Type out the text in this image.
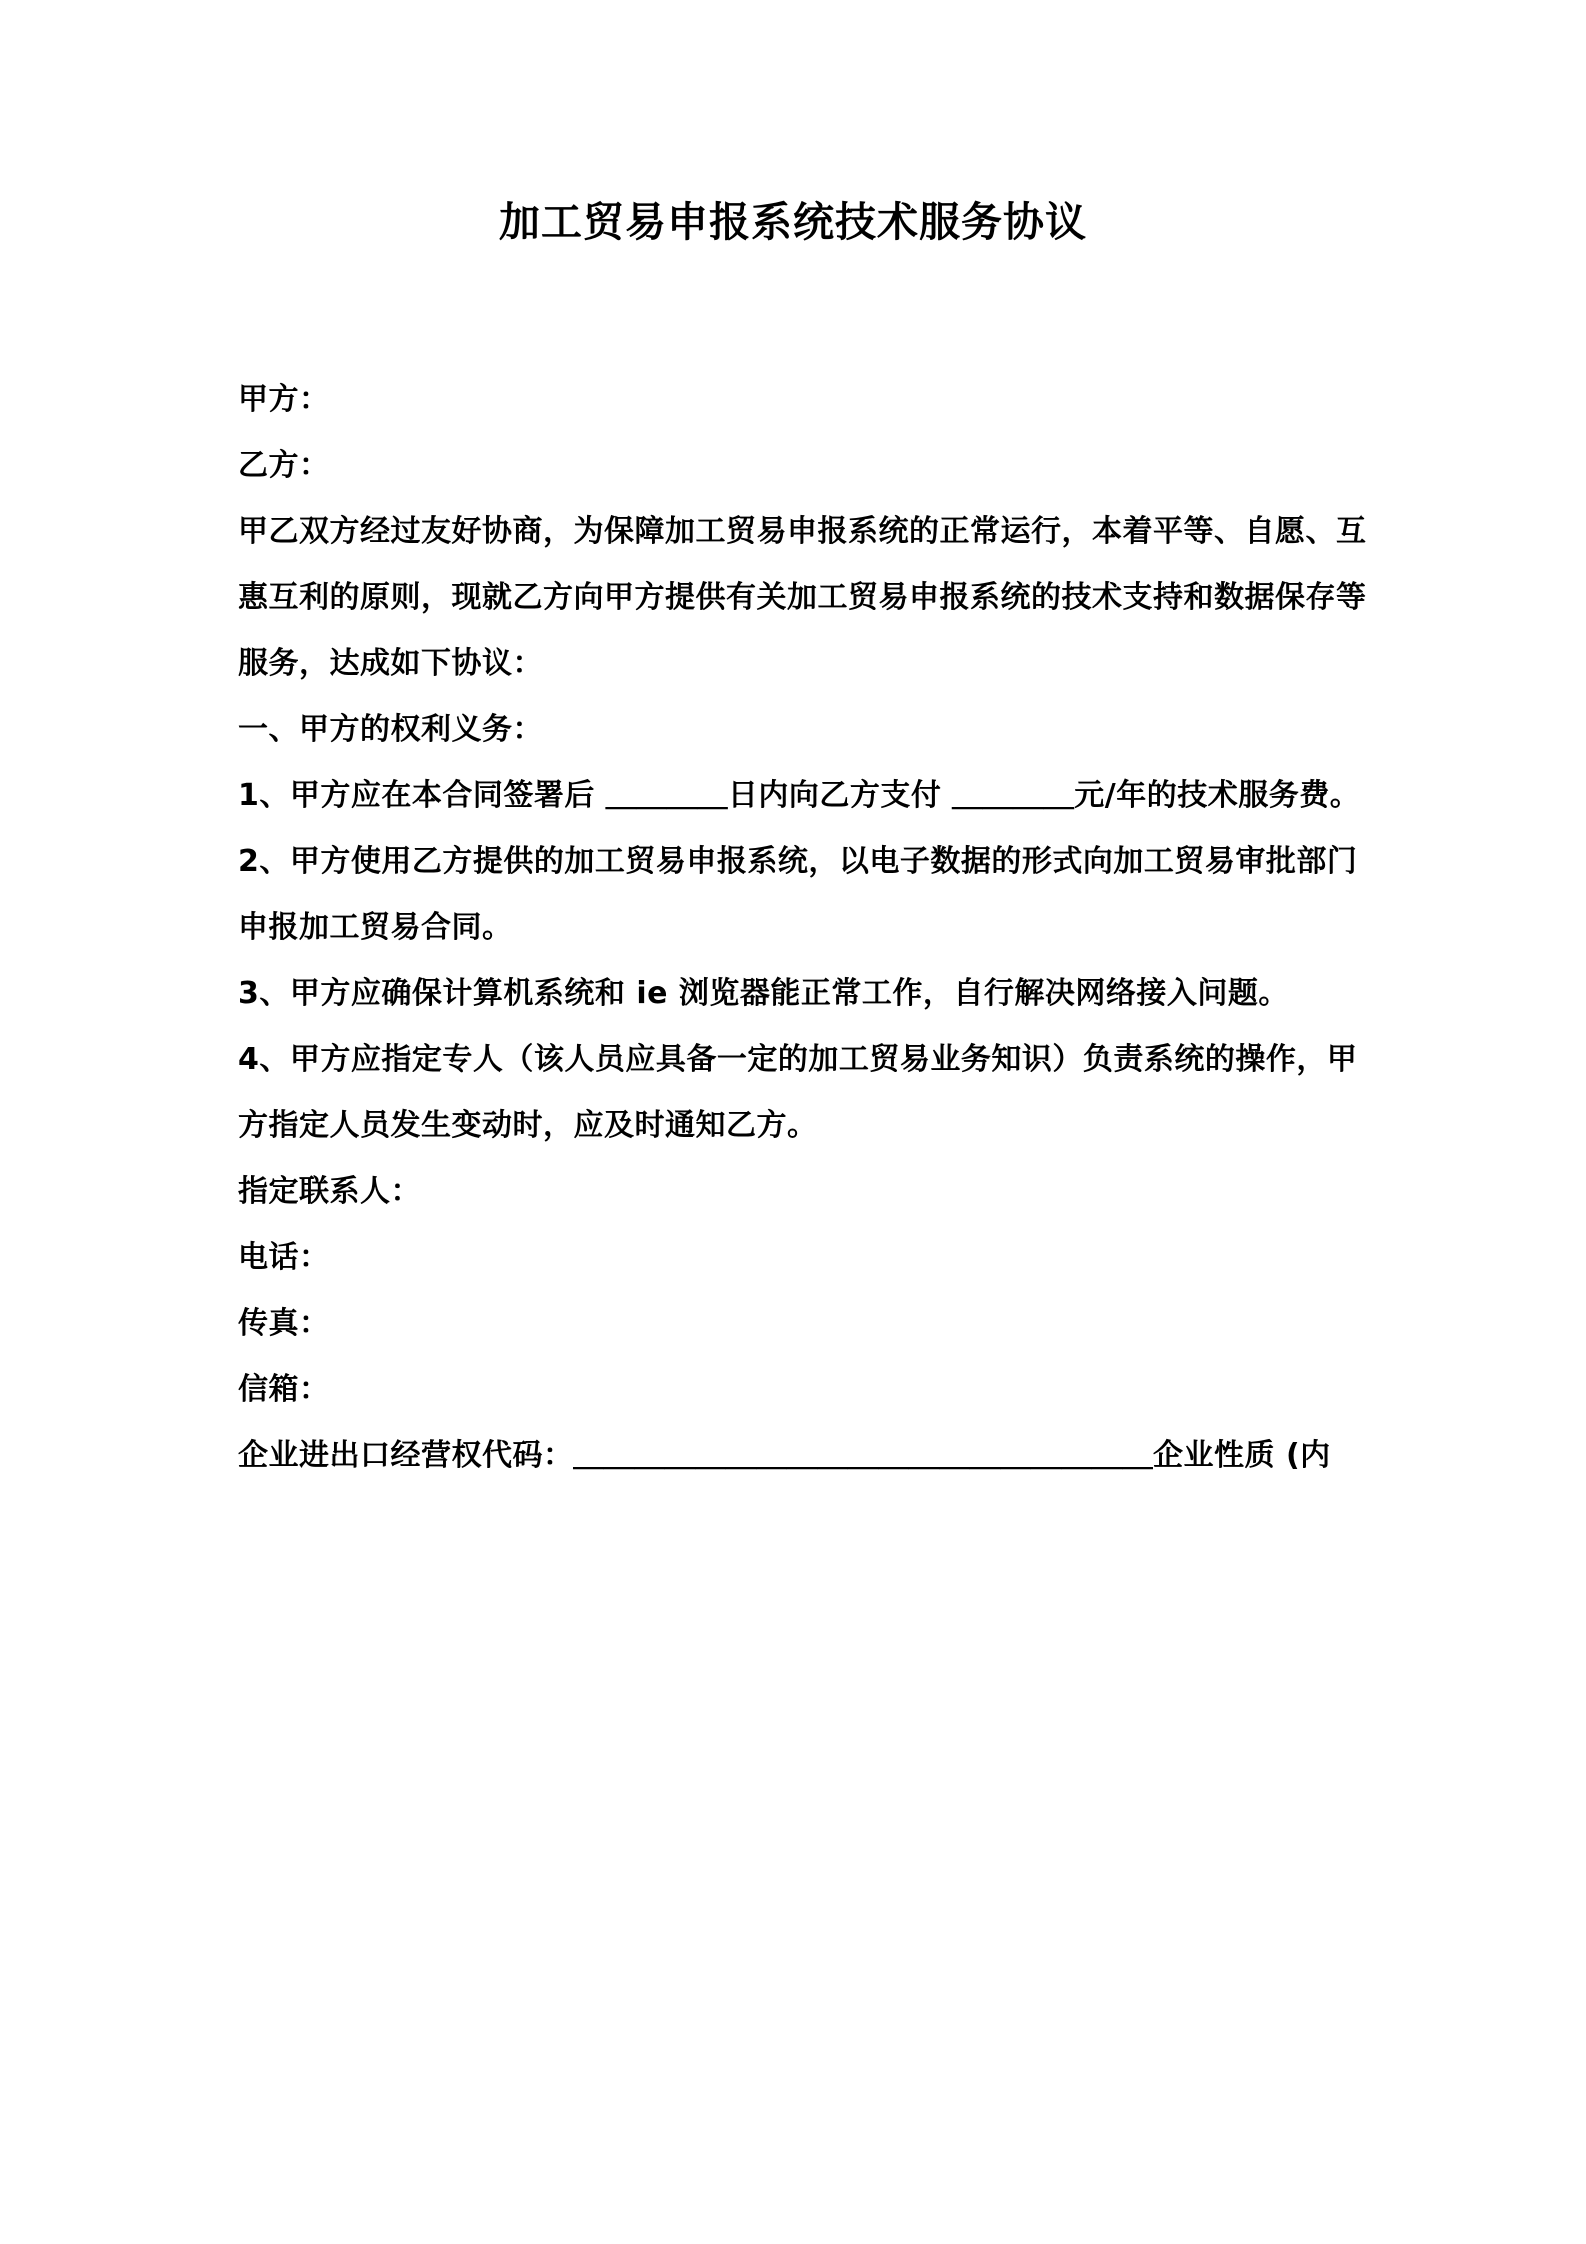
加工贸易申报系统技术服务协议

甲方：

乙方：

甲乙双方经过友好协商，为保障加工贸易申报系统的正常运行，本着平等、自愿、互惠互利的原则，现就乙方向甲方提供有关加工贸易申报系统的技术支持和数据保存等服务，达成如下协议：

一、甲方的权利义务：

1、甲方应在本合同签署后 ＿＿＿＿日内向乙方支付 ＿＿＿＿元/年的技术服务费。

2、甲方使用乙方提供的加工贸易申报系统，以电子数据的形式向加工贸易审批部门申报加工贸易合同。

3、甲方应确保计算机系统和 ie 浏览器能正常工作，自行解决网络接入问题。

4、甲方应指定专人（该人员应具备一定的加工贸易业务知识）负责系统的操作，甲方指定人员发生变动时，应及时通知乙方。

指定联系人：

电话：

传真：

信箱：

企业进出口经营权代码：＿＿＿＿＿＿＿＿＿＿＿＿＿＿＿＿＿＿＿企业性质 (内
